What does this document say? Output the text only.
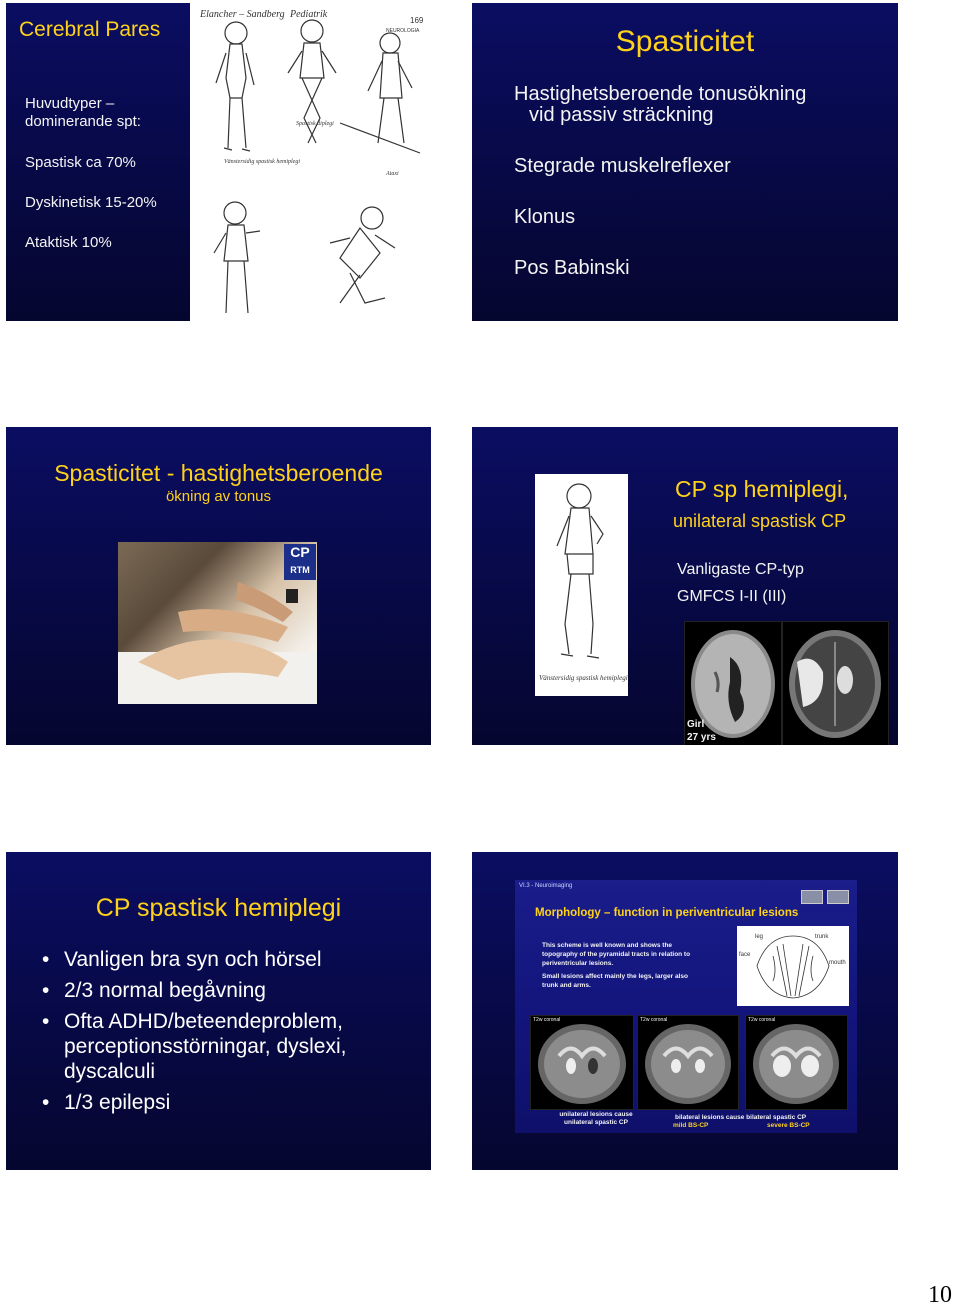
Cerebral Pares
Huvudtyper –
dominerande spt:
Spastisk ca 70%
Dyskinetisk 15-20%
Ataktisk 10%
Elancher – Sandberg Pediatrik
169
NEUROLOGIA
Spastisk diplegi
Vänstersidig spastisk hemiplegi
Ataxi
Spasticitet
Hastighetsberoende tonusökning
vid passiv sträckning
Stegrade muskelreflexer
Klonus
Pos Babinski
Spasticitet - hastighetsberoende
ökning av tonus
CP
RTM
CP sp hemiplegi,
unilateral spastisk CP
Vanligaste CP-typ
GMFCS I-II (III)
Vänstersidig spastisk hemiplegi
Girl
27 yrs
CP spastisk hemiplegi
• Vanligen bra syn och hörsel
• 2/3 normal begåvning
• Ofta ADHD/beteendeproblem, perceptionsstörningar, dyslexi, dyscalculi
• 1/3 epilepsi
VI.3 - Neuroimaging
Morphology – function in periventricular lesions
This scheme is well known and shows the topography of the pyramidal tracts in relation to periventricular lesions.
Small lesions affect mainly the legs, larger also trunk and arms.
leg	trunk
face
mouth
T2w coronal	T2w coronal	T2w coronal
unilateral lesions cause
unilateral spastic CP
bilateral lesions cause bilateral spastic CP
mild BS-CP	severe BS-CP
10
